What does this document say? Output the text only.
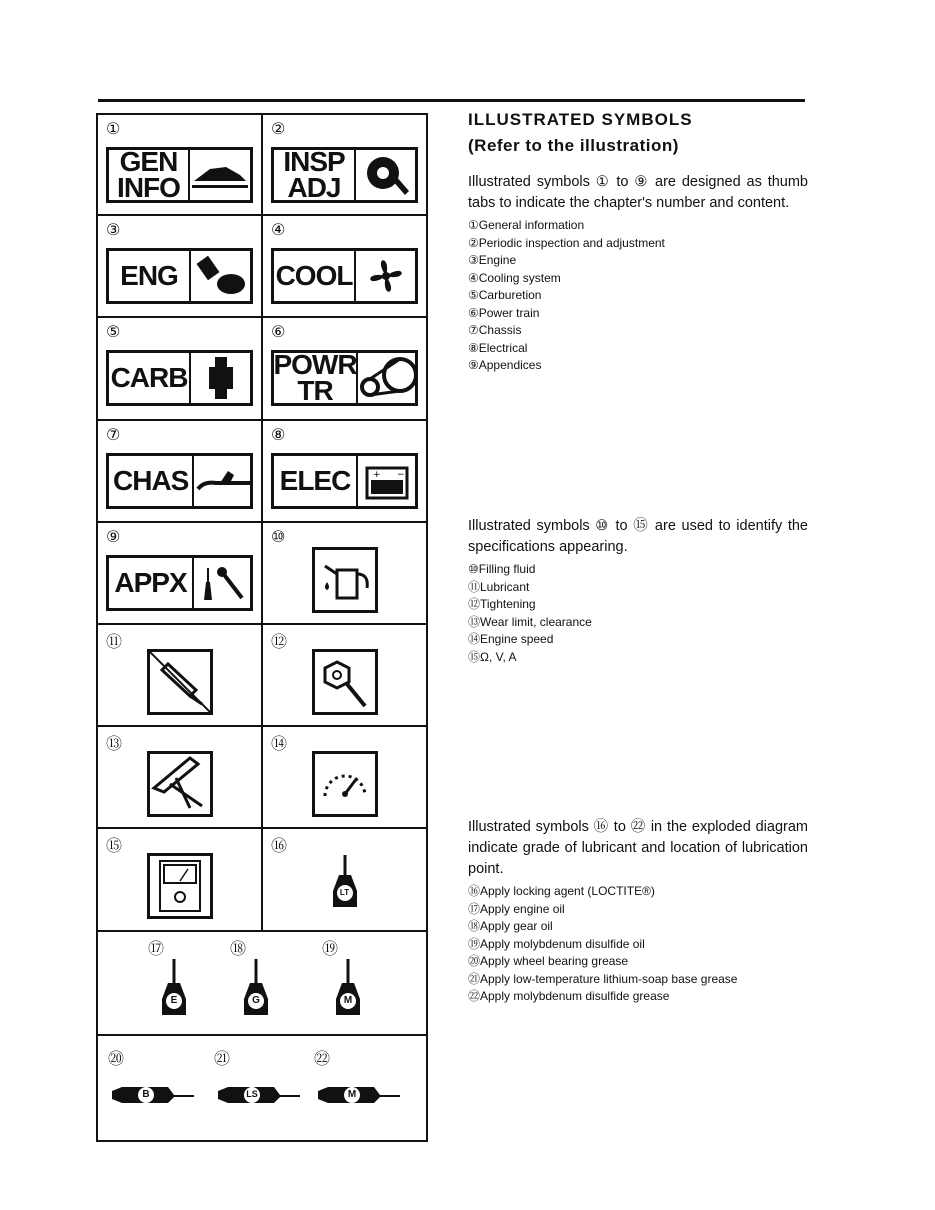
①
GEN INFO
②
INSP ADJ
③
ENG
④
COOL
⑤
CARB
⑥
POWR TR
⑦
CHAS
⑧
ELEC	+ −
⑨
APPX
⑩
⑪	⑫
⑬	⑭
⑮	⑯
LT
⑰
E
⑱
G
⑲
M
⑳
B
㉑
LS
㉒
M
ILLUSTRATED SYMBOLS
(Refer to the illustration)
Illustrated symbols ① to ⑨ are designed as thumb tabs to indicate the chapter's number and content.
①General information
②Periodic inspection and adjustment
③Engine
④Cooling system
⑤Carburetion
⑥Power train
⑦Chassis
⑧Electrical
⑨Appendices
Illustrated symbols ⑩ to ⑮ are used to identify the specifications appearing.
⑩Filling fluid
⑪Lubricant
⑫Tightening
⑬Wear limit, clearance
⑭Engine speed
⑮Ω, V, A
Illustrated symbols ⑯ to ㉒ in the exploded diagram indicate grade of lubricant and location of lubrication point.
⑯Apply locking agent (LOCTITE®)
⑰Apply engine oil
⑱Apply gear oil
⑲Apply molybdenum disulfide oil
⑳Apply wheel bearing grease
㉑Apply low-temperature lithium-soap base grease
㉒Apply molybdenum disulfide grease
